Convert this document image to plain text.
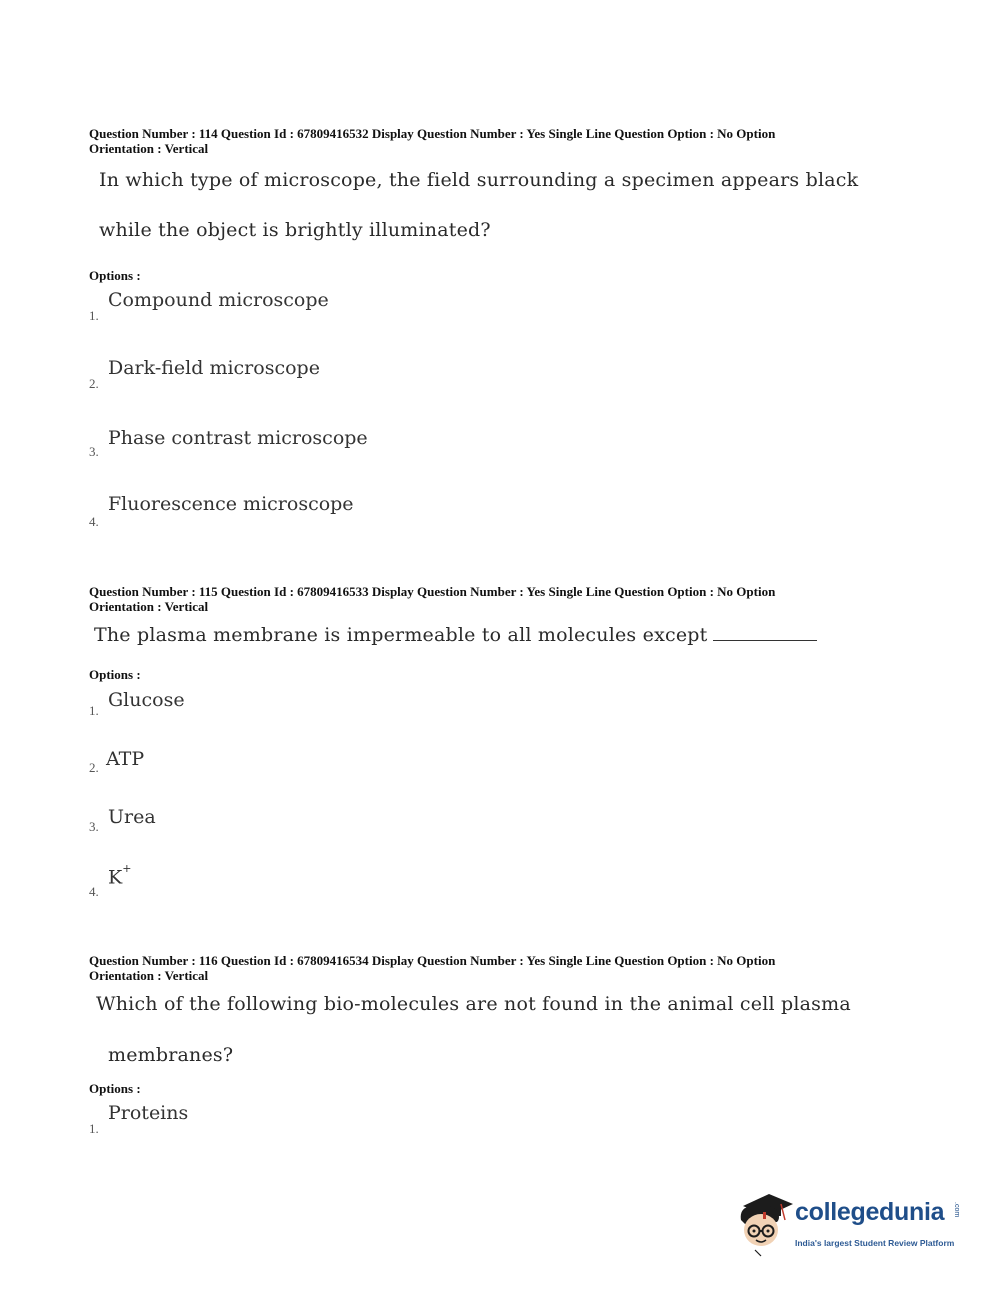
Question Number : 114 Question Id : 67809416532 Display Question Number : Yes Single Line Question Option : No Option
Orientation : Vertical
In which type of microscope, the field surrounding a specimen appears black
while the object is brightly illuminated?
Options :
Compound microscope
1.
Dark-field microscope
2.
Phase contrast microscope
3.
Fluorescence microscope
4.
Question Number : 115 Question Id : 67809416533 Display Question Number : Yes Single Line Question Option : No Option
Orientation : Vertical
The plasma membrane is impermeable to all molecules except
Options :
Glucose
1.
ATP
2.
Urea
3.
K+
4.
Question Number : 116 Question Id : 67809416534 Display Question Number : Yes Single Line Question Option : No Option
Orientation : Vertical
Which of the following bio-molecules are not found in the animal cell plasma
membranes?
Options :
Proteins
1.
collegedunia .com
India's largest Student Review Platform
